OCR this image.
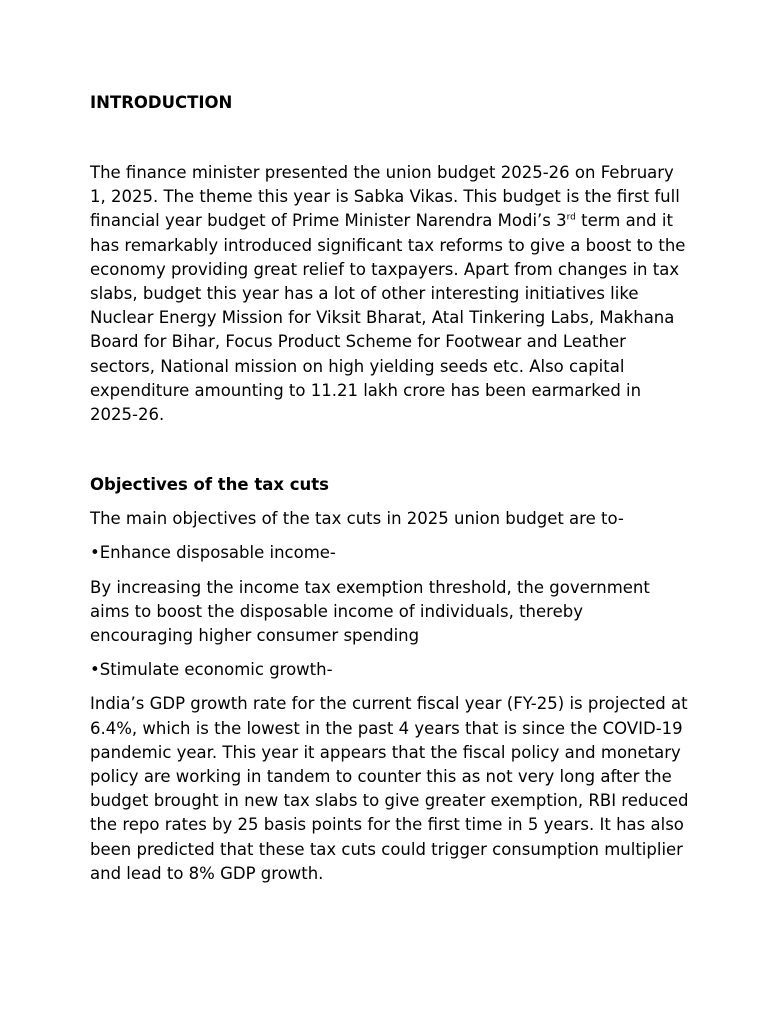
INTRODUCTION

The finance minister presented the union budget 2025-26 on February 1, 2025. The theme this year is Sabka Vikas. This budget is the first full financial year budget of Prime Minister Narendra Modi’s 3rd term and it has remarkably introduced significant tax reforms to give a boost to the economy providing great relief to taxpayers. Apart from changes in tax slabs, budget this year has a lot of other interesting initiatives like Nuclear Energy Mission for Viksit Bharat, Atal Tinkering Labs, Makhana Board for Bihar, Focus Product Scheme for Footwear and Leather sectors, National mission on high yielding seeds etc. Also capital expenditure amounting to 11.21 lakh crore has been earmarked in 2025-26.

Objectives of the tax cuts

The main objectives of the tax cuts in 2025 union budget are to-

•Enhance disposable income-

By increasing the income tax exemption threshold, the government aims to boost the disposable income of individuals, thereby encouraging higher consumer spending

•Stimulate economic growth-

India’s GDP growth rate for the current fiscal year (FY-25) is projected at 6.4%, which is the lowest in the past 4 years that is since the COVID-19 pandemic year. This year it appears that the fiscal policy and monetary policy are working in tandem to counter this as not very long after the budget brought in new tax slabs to give greater exemption, RBI reduced the repo rates by 25 basis points for the first time in 5 years. It has also been predicted that these tax cuts could trigger consumption multiplier and lead to 8% GDP growth.
